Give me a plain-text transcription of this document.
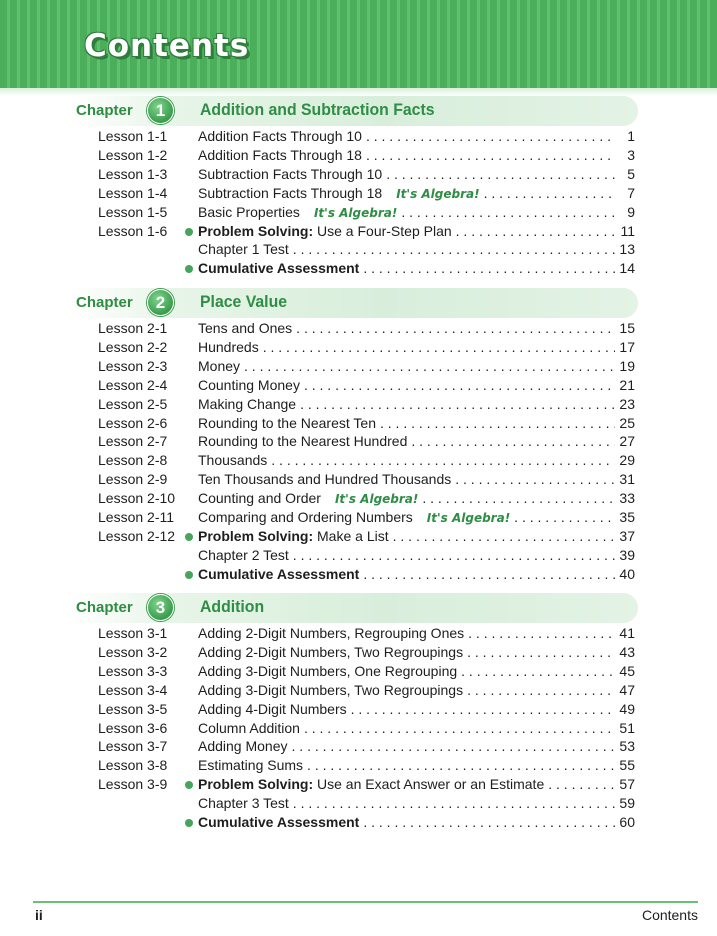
Contents
Chapter	1	Addition and Subtraction Facts
Lesson 1-1 Addition Facts Through 10 . . .	1
Lesson 1-2 Addition Facts Through 18 . . .	3
Lesson 1-3 Subtraction Facts Through 10 . . .	5
Lesson 1-4 Subtraction Facts Through 18 It's Algebra! . . .	7
Lesson 1-5 Basic Properties It's Algebra! . . .	9
Lesson 1-6 Problem Solving: Use a Four-Step Plan . . .	11
Chapter 1 Test . . .	13
Cumulative Assessment . . .	14
Chapter	2	Place Value
Lesson 2-1 Tens and Ones . . .	15
Lesson 2-2 Hundreds . . .	17
Lesson 2-3 Money . . .	19
Lesson 2-4 Counting Money . . .	21
Lesson 2-5 Making Change . . .	23
Lesson 2-6 Rounding to the Nearest Ten . . .	25
Lesson 2-7 Rounding to the Nearest Hundred . . .	27
Lesson 2-8 Thousands . . .	29
Lesson 2-9 Ten Thousands and Hundred Thousands . . .	31
Lesson 2-10 Counting and Order It's Algebra! . . .	33
Lesson 2-11 Comparing and Ordering Numbers It's Algebra! . . .	35
Lesson 2-12 Problem Solving: Make a List . . .	37
Chapter 2 Test . . .	39
Cumulative Assessment . . .	40
Chapter	3	Addition
Lesson 3-1 Adding 2-Digit Numbers, Regrouping Ones . . .	41
Lesson 3-2 Adding 2-Digit Numbers, Two Regroupings . . .	43
Lesson 3-3 Adding 3-Digit Numbers, One Regrouping . . .	45
Lesson 3-4 Adding 3-Digit Numbers, Two Regroupings . . .	47
Lesson 3-5 Adding 4-Digit Numbers . . .	49
Lesson 3-6 Column Addition . . .	51
Lesson 3-7 Adding Money . . .	53
Lesson 3-8 Estimating Sums . . .	55
Lesson 3-9 Problem Solving: Use an Exact Answer or an Estimate . . .	57
Chapter 3 Test . . .	59
Cumulative Assessment . . .	60
ii	Contents
